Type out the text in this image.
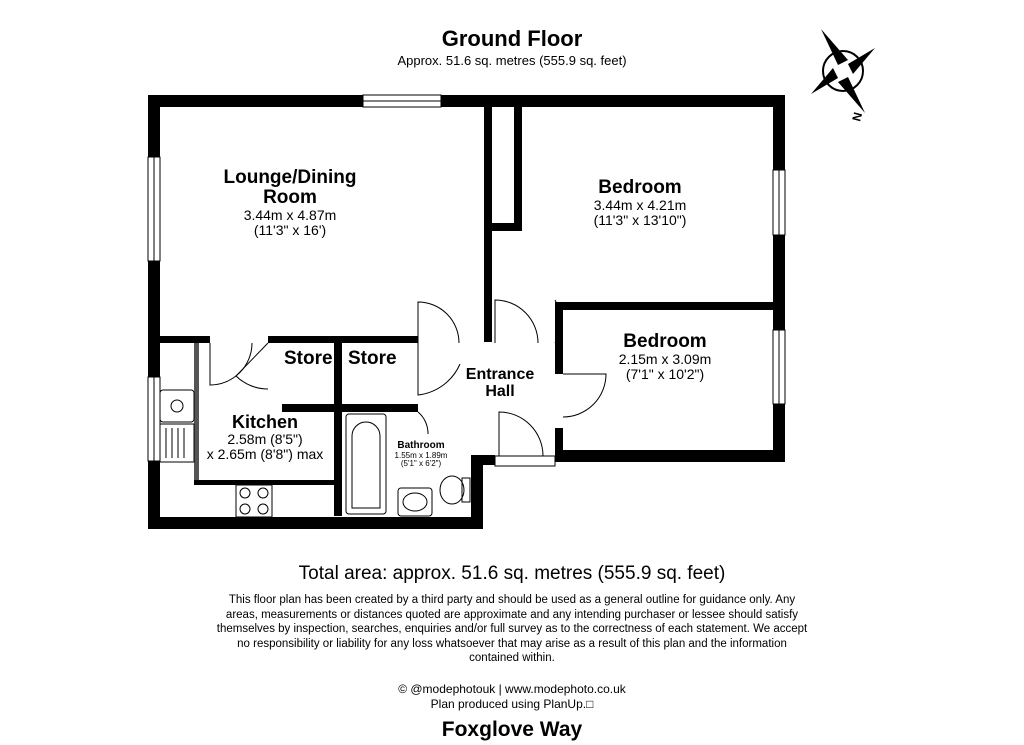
Ground Floor
Approx. 51.6 sq. metres (555.9 sq. feet)
N
Lounge/Dining
Room
3.44m x 4.87m
(11'3" x 16')
Bedroom
3.44m x 4.21m
(11'3" x 13'10")
Bedroom
2.15m x 3.09m
(7'1" x 10'2")
Kitchen
2.58m (8'5")
x 2.65m (8'8") max
Entrance
Hall
Bathroom
1.55m x 1.89m
(5'1" x 6'2")
Store Store
Total area: approx. 51.6 sq. metres (555.9 sq. feet)
This floor plan has been created by a third party and should be used as a general outline for guidance only. Any
areas, measurements or distances quoted are approximate and any intending purchaser or lessee should satisfy
themselves by inspection, searches, enquiries and/or full survey as to the correctness of each statement. We accept
no responsibility or liability for any loss whatsoever that may arise as a result of this plan and the information
contained within.
© @modephotouk | www.modephoto.co.uk
Plan produced using PlanUp.□
Foxglove Way
